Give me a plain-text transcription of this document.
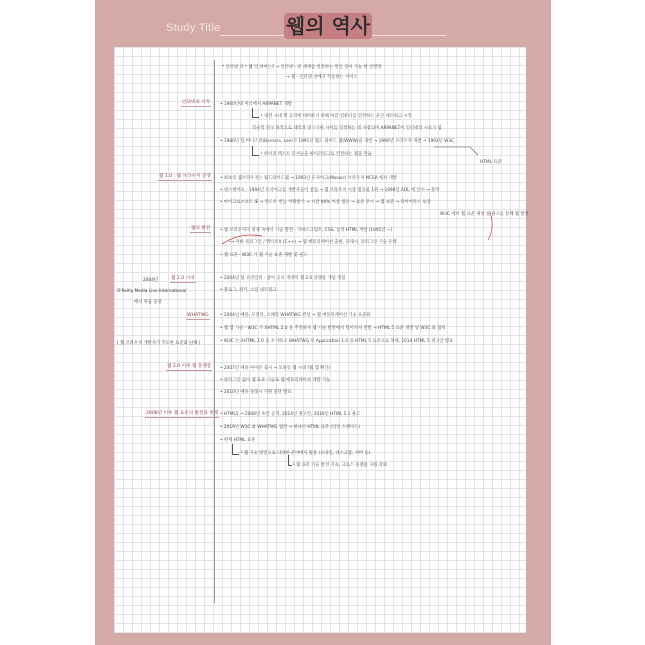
Study Title	웹의 역사
* 인터넷 과 * 웹 의 차이는? → 인터넷 - 전 세계를 연결하는 망인 것이 가능 한 연결망
→ 웹 - 인터넷 상에서 작동하는 서비스
인터넷의 시작 • 1960년대 미국에서 ARPANET 개발
└ 냉전 시대 핵 공격에 대비하기 위해 여러 컴퓨터를 연결하는 분산 네트워크 시작
학술적 연구 목적으로 대학과 연구기관 사이를 연결하는 데 사용되며 ARPANET이 인터넷의 시초가 됨
• 1980년 팀 버너스리(Berners, Lee)가 1991년 월드 와이드 웹(WWW)을 개발 → 1990년 브라우저 개발 → 1993년 W3C
└ 하이퍼 텍스트 문서들을 하이퍼링크로 연결하는 웹을 만듦
HTML 표준
웹 1.0 : 웹 브라우저 전쟁 • 최초의 웹브라우저는 월드와이드웹 → 1993년 모자이크(Mosaic) 브라우저 NCSA 에서 개발
• 넷스케이프 - 1994년 모자이크를 개발자들이 설립 → 웹 브라우저 시장 점유율 1위 → 1998년 AOL 에 인수 → 몰락
• 마이크로소프트 IE → 윈도우 번들 끼워팔기 → 시장 90% 이상 점유 → 표준 무시 → 웹 표준 → 파이어폭스 등장
웹의 발전
W3C 에서 웹 표준 제정 및 권고를 통해 웹 발전
• 웹 브라우저의 경쟁 속에서 기술 발전 - 자바스크립트, CSS, 동적 HTML 개발 (1995년 ~)
└→ 자바 플러그인 / 액티브X (C++) → 웹 애플리케이션 출현, 플래시, 플러그인 기술 유행
• 웹 표준 - W3C 가 웹 기술 표준 개발 및 권고
웹 2.0 시대
2004년
O'Reilly Media Live International
에서 처음 등장
• 2004년 팀 오라일리 - 참여 공유 개방의 웹 2.0 플랫폼 개념 정립
• 블로그, 위키, 소셜 네트워크
WHATWG
( 웹 브라우저 개발사가 주도한 표준화 단체 )
• 2004년 애플, 모질라, 오페라 WHATWG 결성 → 웹 애플리케이션 기술 표준화
• 웹 앱 기술 - W3C 가 XHTML 2.0 을 추진하자 웹 기술 발전에서 멀어지자 반발 → HTML 5 표준 개발 및 W3C 와 협력
• W3C 는 XHTML 2.0 을 포기하고 WHATWG 의 Application 1.0 을 HTML 5 표준으로 채택, 2014 HTML 5 권고안 발표
웹 2.0 이후 웹 플랫폼 • 2007년 애플 아이폰 출시 → 모바일 웹 시대 (웹 앱 확산)
• 플러그인 없이 웹 표준 기술로 웹 애플리케이션 개발 가능
• 2010년 애플 플래시 지원 중단 발표
2008년 이후 웹 표준의 발전과 현재 • HTML5 → 2008년 초안 공개, 2014년 권고안, 2016년 HTML 5.1 권고
• 2019년 W3C 와 WHATWG 협약 → 하나의 HTML 표준 (리빙 스탠다드)
• 현재 HTML 표준
└ 웹 기술 발전으로 다양한 분야에서 활용 (모바일, 데스크탑, 서버 등)
└ 웹 표준 기술 발전 지속, 크로스 플랫폼 지원 강화
